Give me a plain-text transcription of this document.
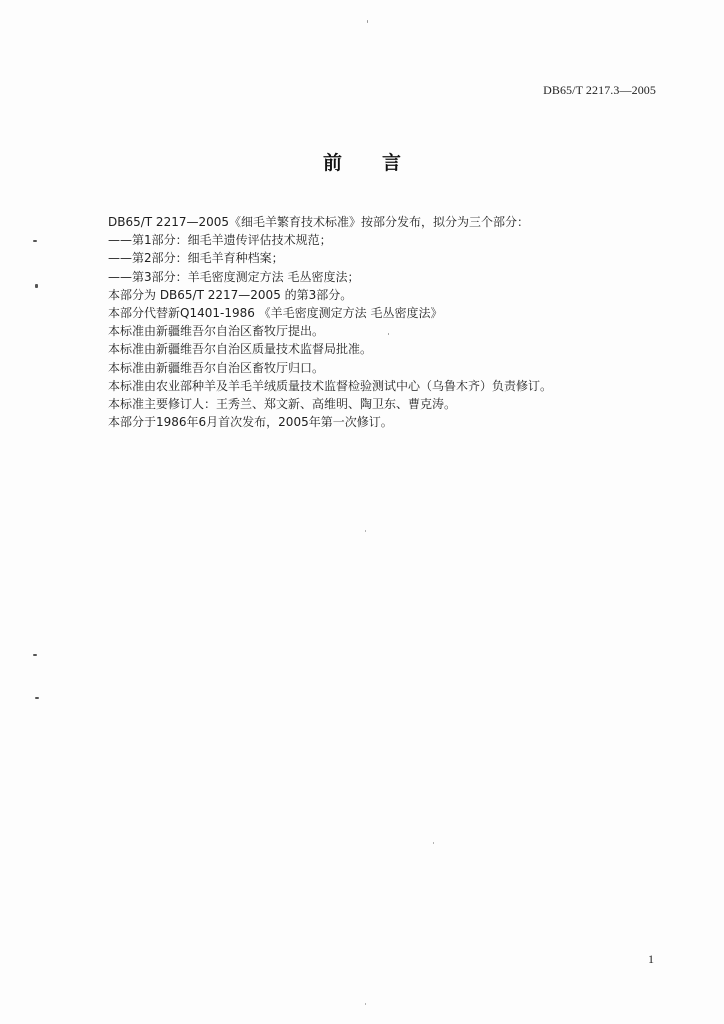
DB65/T 2217.3—2005
前言
DB65/T 2217—2005《细毛羊繁育技术标准》按部分发布，拟分为三个部分：
——第1部分：细毛羊遗传评估技术规范；
——第2部分：细毛羊育种档案；
——第3部分：羊毛密度测定方法 毛丛密度法；
本部分为 DB65/T 2217—2005 的第3部分。
本部分代替新Q1401-1986 《羊毛密度测定方法 毛丛密度法》
本标准由新疆维吾尔自治区畜牧厅提出。
本标准由新疆维吾尔自治区质量技术监督局批准。
本标准由新疆维吾尔自治区畜牧厅归口。
本标准由农业部种羊及羊毛羊绒质量技术监督检验测试中心（乌鲁木齐）负责修订。
本标准主要修订人：王秀兰、郑文新、高维明、陶卫东、曹克涛。
本部分于1986年6月首次发布，2005年第一次修订。
1
